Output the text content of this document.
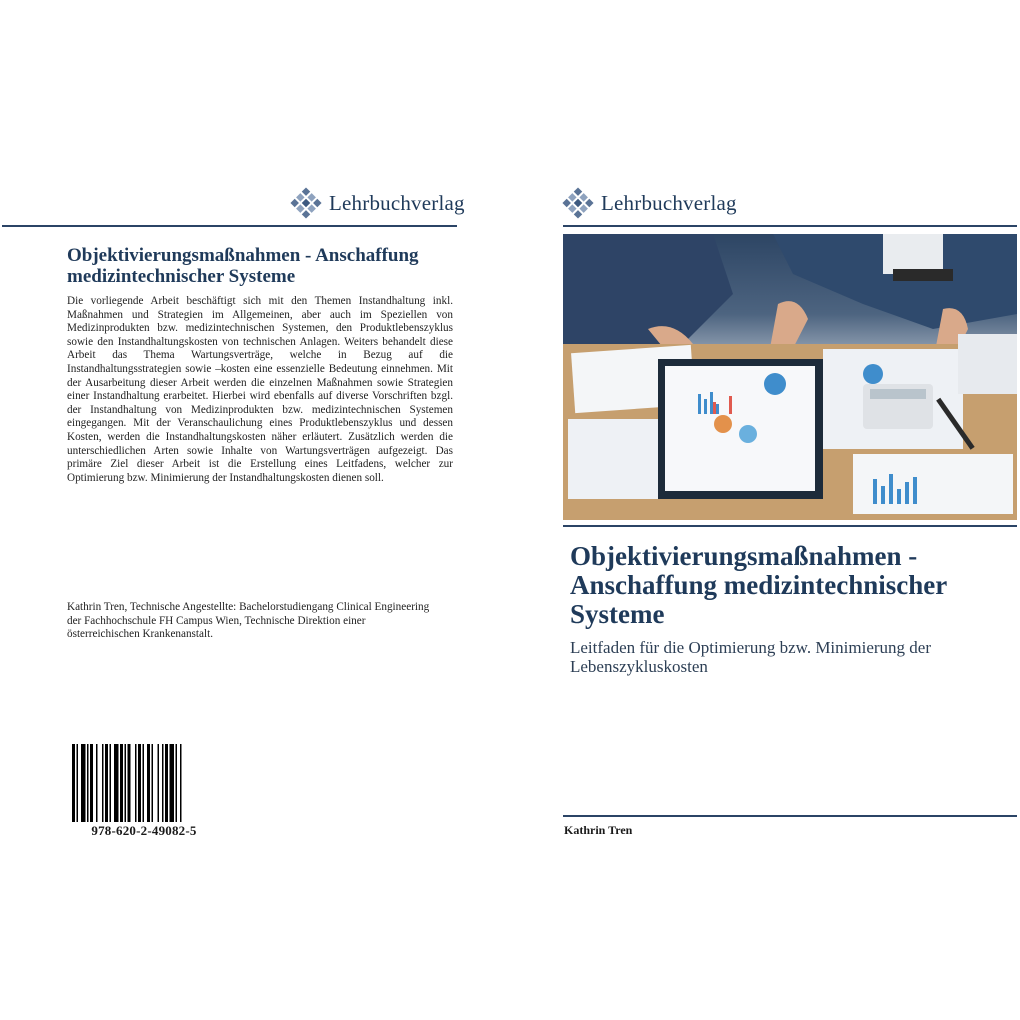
Lehrbuchverlag
Objektivierungsmaßnahmen - Anschaffung medizintechnischer Systeme
Die vorliegende Arbeit beschäftigt sich mit den Themen Instandhaltung inkl. Maßnahmen und Strategien im Allgemeinen, aber auch im Speziellen von Medizinprodukten bzw. medizintechnischen Systemen, den Produktlebenszyklus sowie den Instandhaltungskosten von technischen Anlagen. Weiters behandelt diese Arbeit das Thema Wartungsverträge, welche in Bezug auf die Instandhaltungsstrategien sowie –kosten eine essenzielle Bedeutung einnehmen. Mit der Ausarbeitung dieser Arbeit werden die einzelnen Maßnahmen sowie Strategien einer Instandhaltung erarbeitet. Hierbei wird ebenfalls auf diverse Vorschriften bzgl. der Instandhaltung von Medizinprodukten bzw. medizintechnischen Systemen eingegangen. Mit der Veranschaulichung eines Produktlebenszyklus und dessen Kosten, werden die Instandhaltungskosten näher erläutert. Zusätzlich werden die unterschiedlichen Arten sowie Inhalte von Wartungsverträgen aufgezeigt. Das primäre Ziel dieser Arbeit ist die Erstellung eines Leitfadens, welcher zur Optimierung bzw. Minimierung der Instandhaltungskosten dienen soll.
Kathrin Tren, Technische Angestellte: Bachelorstudiengang Clinical Engineering der Fachhochschule FH Campus Wien, Technische Direktion einer österreichischen Krankenanstalt.
978-620-2-49082-5
Lehrbuchverlag
Objektivierungsmaßnahmen - Anschaffung medizintechnischer Systeme
Leitfaden für die Optimierung bzw. Minimierung der Lebenszykluskosten
Kathrin Tren
